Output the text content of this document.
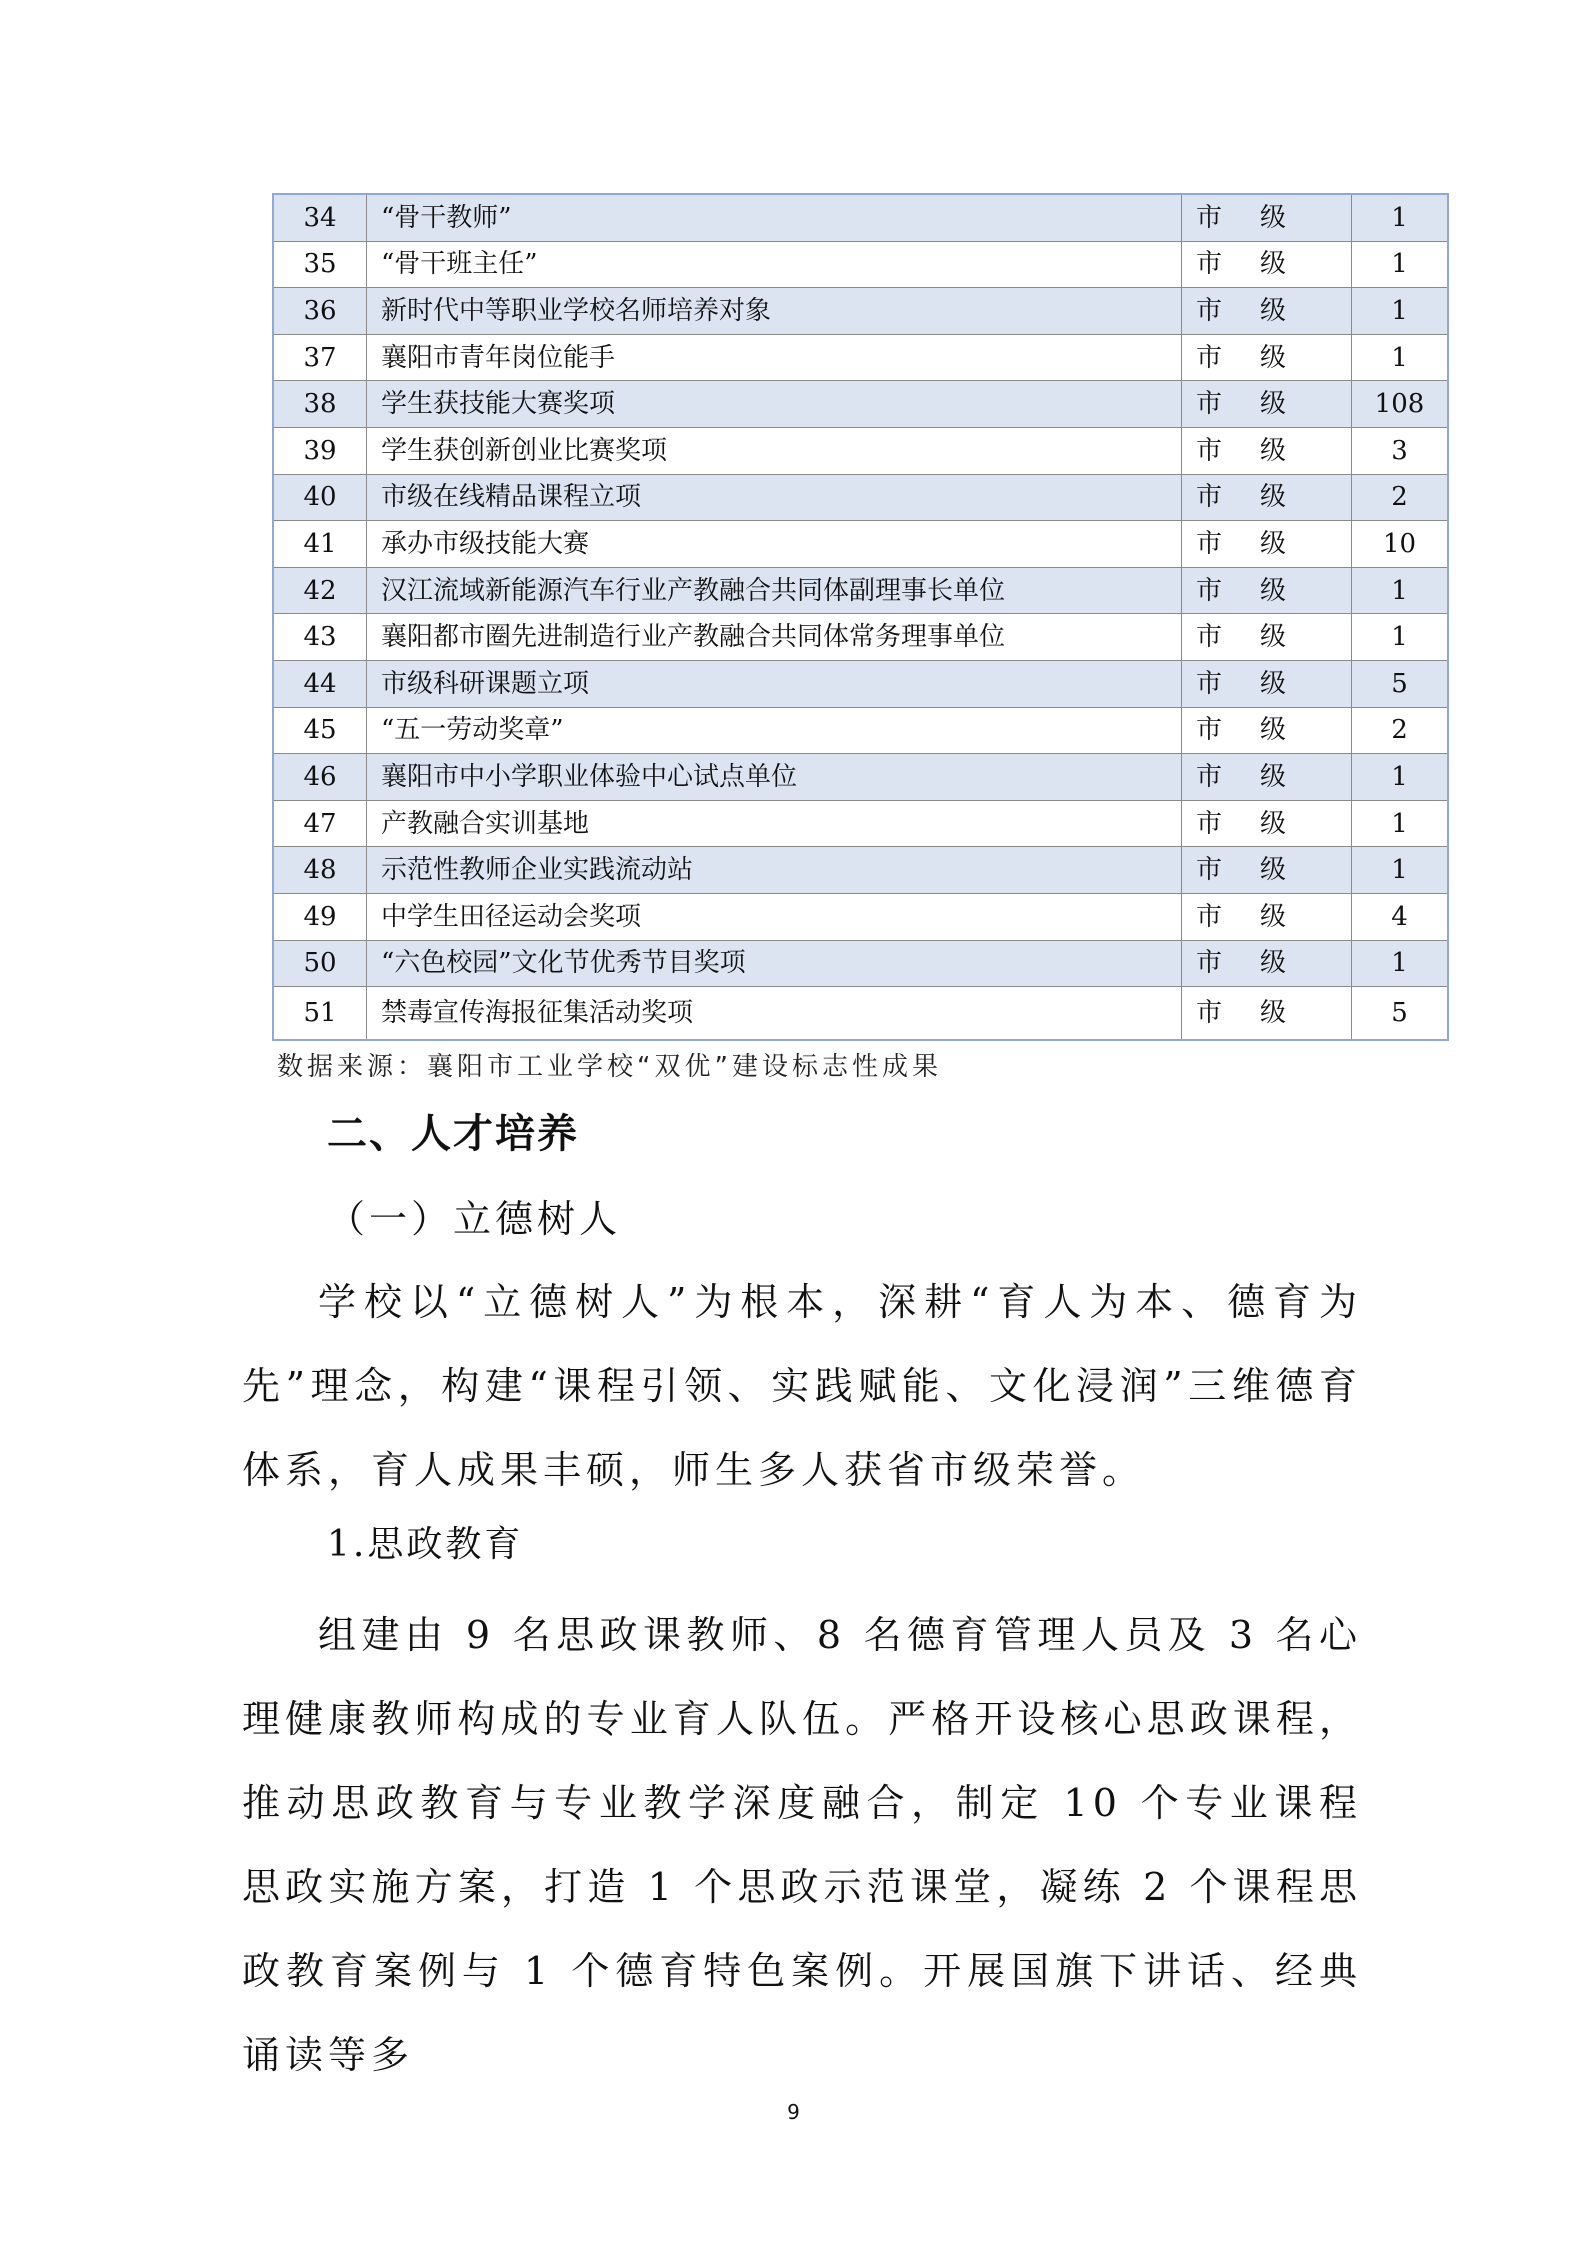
34	“骨干教师”	市级	1
35	“骨干班主任”	市级	1
36	新时代中等职业学校名师培养对象	市级	1
37	襄阳市青年岗位能手	市级	1
38	学生获技能大赛奖项	市级	108
39	学生获创新创业比赛奖项	市级	3
40	市级在线精品课程立项	市级	2
41	承办市级技能大赛	市级	10
42	汉江流域新能源汽车行业产教融合共同体副理事长单位	市级	1
43	襄阳都市圈先进制造行业产教融合共同体常务理事单位	市级	1
44	市级科研课题立项	市级	5
45	“五一劳动奖章”	市级	2
46	襄阳市中小学职业体验中心试点单位	市级	1
47	产教融合实训基地	市级	1
48	示范性教师企业实践流动站	市级	1
49	中学生田径运动会奖项	市级	4
50	“六色校园”文化节优秀节目奖项	市级	1
51	禁毒宣传海报征集活动奖项	市级	5
数据来源：襄阳市工业学校“双优”建设标志性成果
二、人才培养
（一）立德树人

学校以“立德树人”为根本，深耕“育人为本、德育为先”理念，构建“课程引领、实践赋能、文化浸润”三维德育体系，育人成果丰硕，师生多人获省市级荣誉。

1.思政教育

组建由 9 名思政课教师、8 名德育管理人员及 3 名心理健康教师构成的专业育人队伍。严格开设核心思政课程，推动思政教育与专业教学深度融合，制定 10 个专业课程思政实施方案，打造 1 个思政示范课堂，凝练 2 个课程思政教育案例与 1 个德育特色案例。开展国旗下讲话、经典诵读等多

9
